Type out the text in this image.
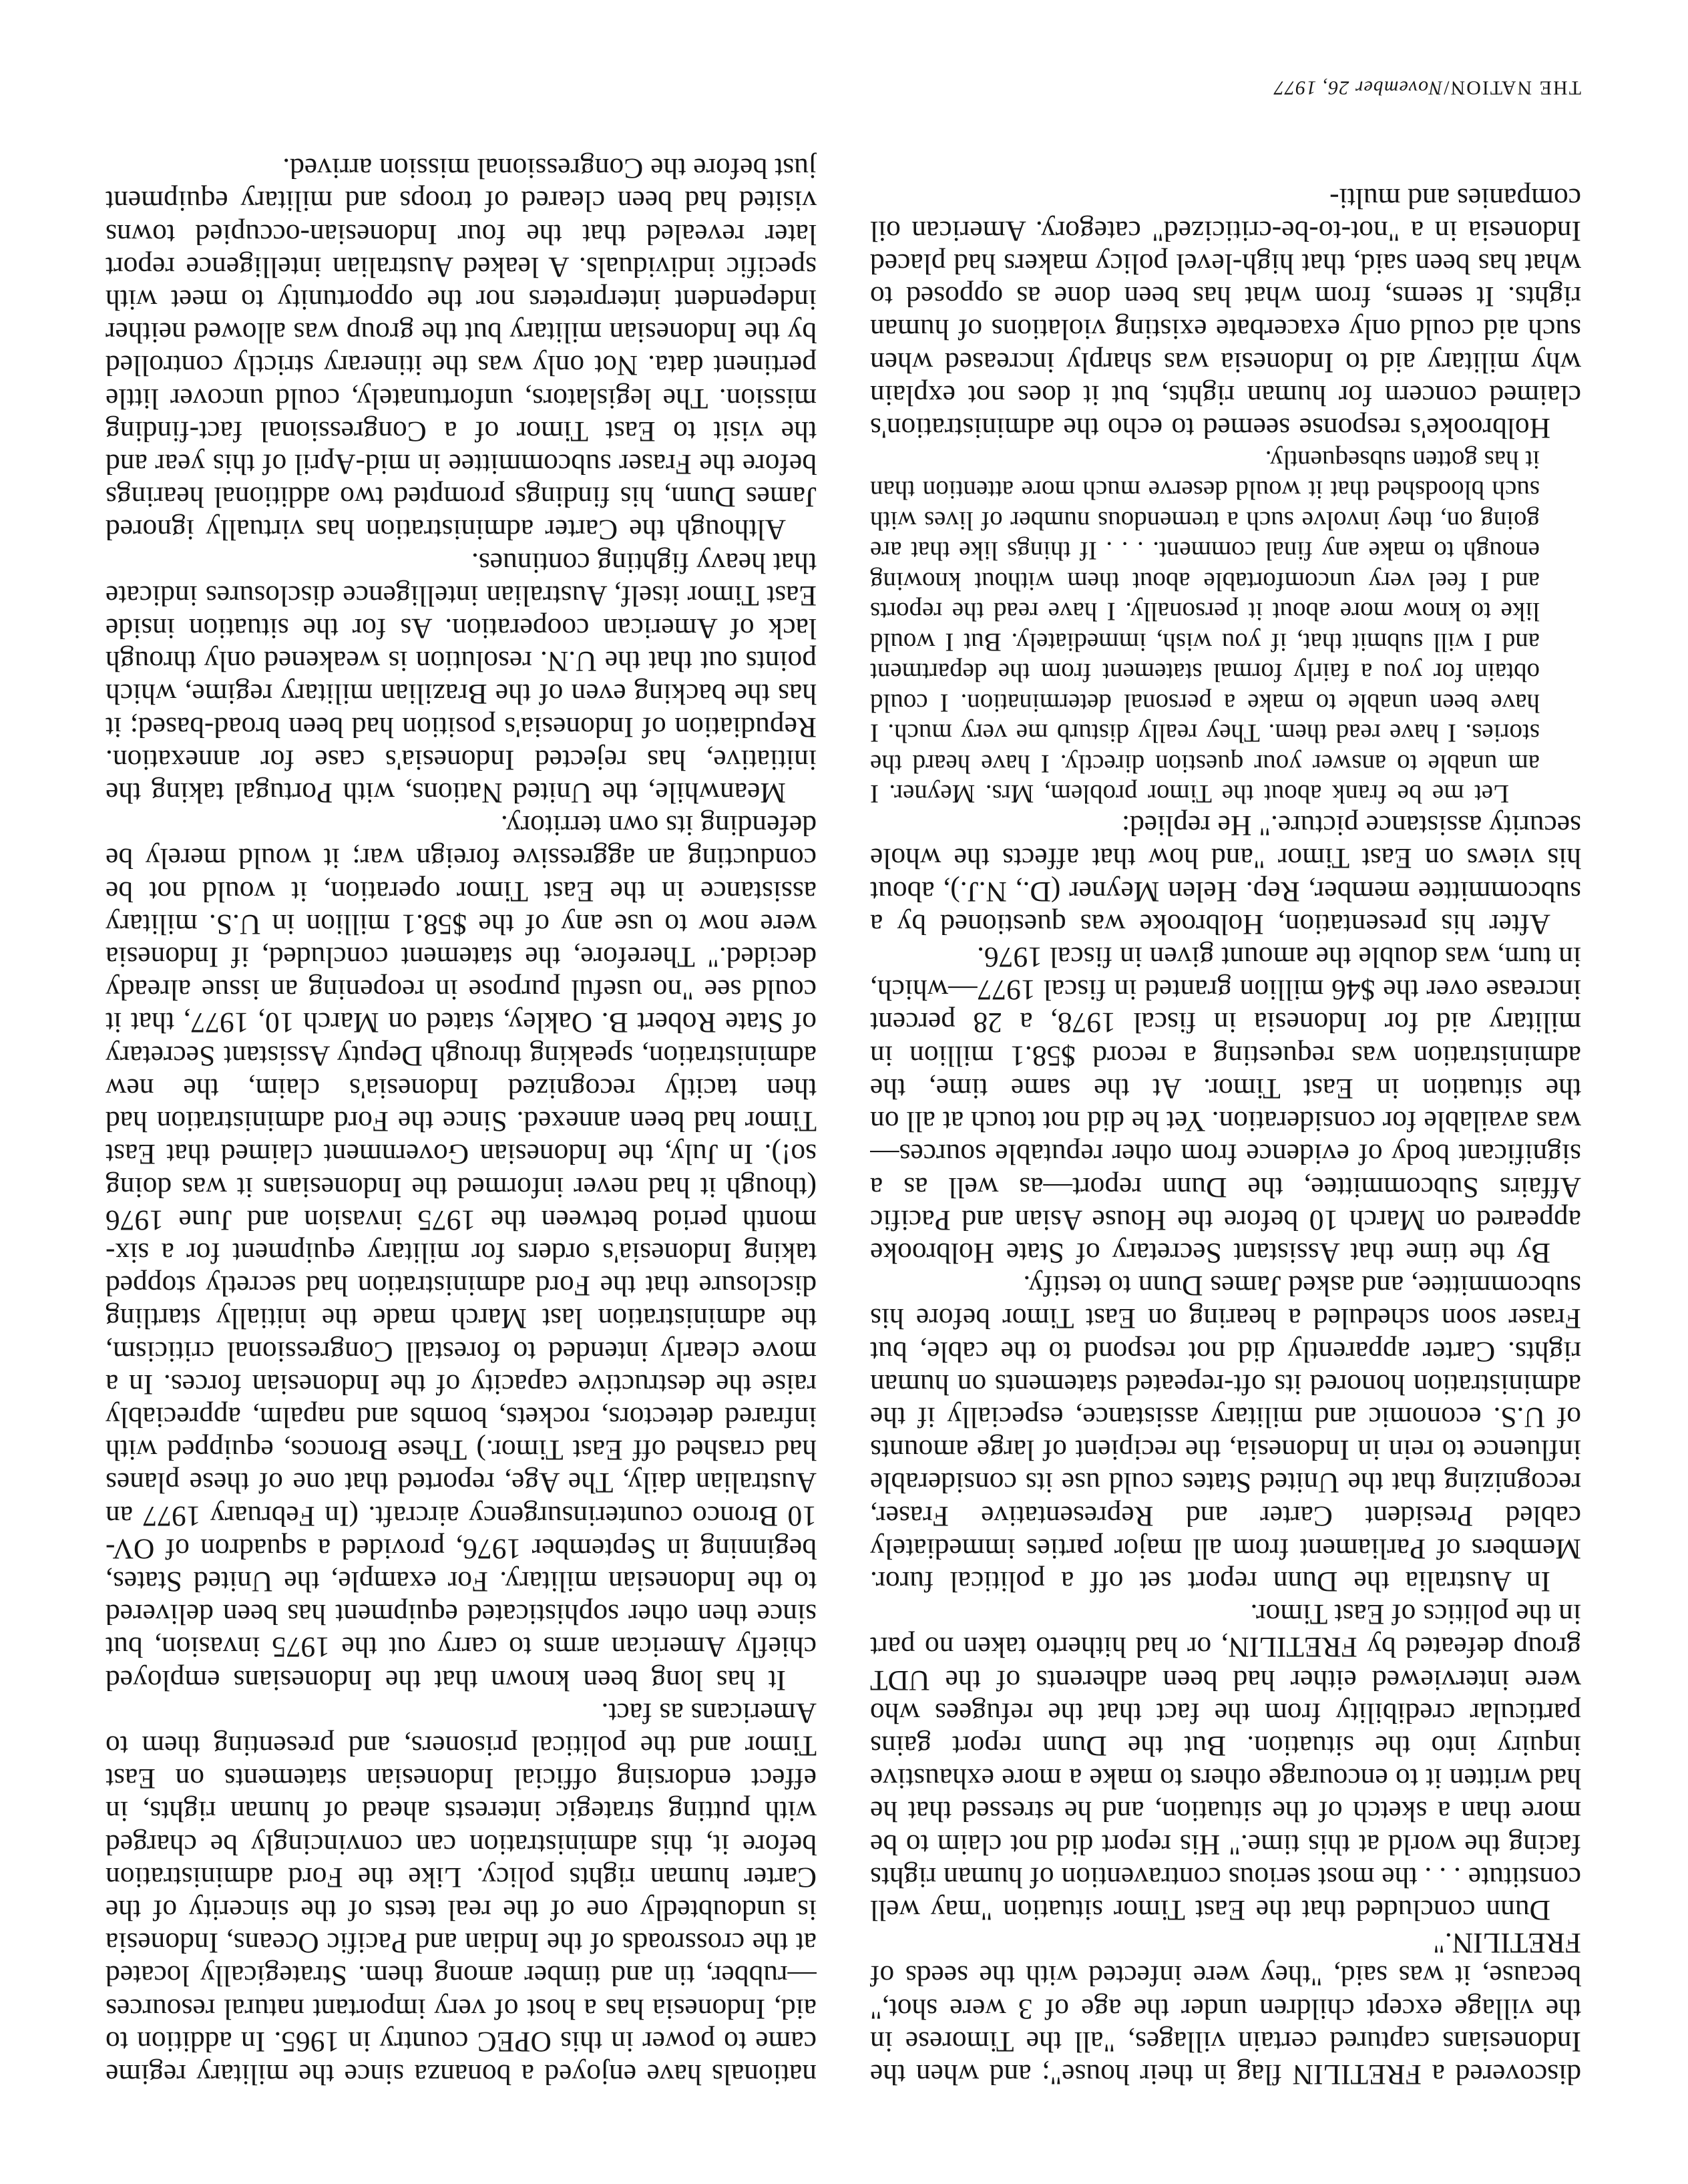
discovered a FRETILIN flag in their house"; and when the Indonesians captured certain villages, "all the Timorese in the village except children under the age of 3 were shot," because, it was said, "they were infected with the seeds of FRETILIN."

Dunn concluded that the East Timor situation "may well constitute . . . the most serious contravention of human rights facing the world at this time." His report did not claim to be more than a sketch of the situation, and he stressed that he had written it to encourage others to make a more exhaustive inquiry into the situation. But the Dunn report gains particular credibility from the fact that the refugees who were interviewed either had been adherents of the UDT group defeated by FRETILIN, or had hitherto taken no part in the politics of East Timor.

In Australia the Dunn report set off a political furor. Members of Parliament from all major parties immediately cabled President Carter and Representative Fraser, recognizing that the United States could use its considerable influence to rein in Indonesia, the recipient of large amounts of U.S. economic and military assistance, especially if the administration honored its oft-repeated statements on human rights. Carter apparently did not respond to the cable, but Fraser soon scheduled a hearing on East Timor before his subcommittee, and asked James Dunn to testify.

By the time that Assistant Secretary of State Holbrooke appeared on March 10 before the House Asian and Pacific Affairs Subcommittee, the Dunn report—as well as a significant body of evidence from other reputable sources—was available for consideration. Yet he did not touch at all on the situation in East Timor. At the same time, the administration was requesting a record $58.1 million in military aid for Indonesia in fiscal 1978, a 28 percent increase over the $46 million granted in fiscal 1977—which, in turn, was double the amount given in fiscal 1976.

After his presentation, Holbrooke was questioned by a subcommittee member, Rep. Helen Meyner (D., N.J.), about his views on East Timor "and how that affects the whole security assistance picture." He replied:

Let me be frank about the Timor problem, Mrs. Meyner. I am unable to answer your question directly. I have heard the stories. I have read them. They really disturb me very much. I have been unable to make a personal determination. I could obtain for you a fairly formal statement from the department and I will submit that, if you wish, immediately. But I would like to know more about it personally. I have read the reports and I feel very uncomfortable about them without knowing enough to make any final comment. . . . If things like that are going on, they involve such a tremendous number of lives with such bloodshed that it would deserve much more attention than it has gotten subsequently.

Holbrooke's response seemed to echo the administration's claimed concern for human rights, but it does not explain why military aid to Indonesia was sharply increased when such aid could only exacerbate existing violations of human rights. It seems, from what has been done as opposed to what has been said, that high-level policy makers had placed Indonesia in a "not-to-be-criticized" category. American oil companies and multi-

nationals have enjoyed a bonanza since the military regime came to power in this OPEC country in 1965. In addition to aid, Indonesia has a host of very important natural resources—rubber, tin and timber among them. Strategically located at the crossroads of the Indian and Pacific Oceans, Indonesia is undoubtedly one of the real tests of the sincerity of the Carter human rights policy. Like the Ford administration before it, this administration can convincingly be charged with putting strategic interests ahead of human rights, in effect endorsing official Indonesian statements on East Timor and the political prisoners, and presenting them to Americans as fact.

It has long been known that the Indonesians employed chiefly American arms to carry out the 1975 invasion, but since then other sophisticated equipment has been delivered to the Indonesian military. For example, the United States, beginning in September 1976, provided a squadron of OV-10 Bronco counterinsurgency aircraft. (In February 1977 an Australian daily, The Age, reported that one of these planes had crashed off East Timor.) These Broncos, equipped with infrared detectors, rockets, bombs and napalm, appreciably raise the destructive capacity of the Indonesian forces. In a move clearly intended to forestall Congressional criticism, the administration last March made the initially startling disclosure that the Ford administration had secretly stopped taking Indonesia's orders for military equipment for a six-month period between the 1975 invasion and June 1976 (though it had never informed the Indonesians it was doing so!). In July, the Indonesian Government claimed that East Timor had been annexed. Since the Ford administration had then tacitly recognized Indonesia's claim, the new administration, speaking through Deputy Assistant Secretary of State Robert B. Oakley, stated on March 10, 1977, that it could see "no useful purpose in reopening an issue already decided." Therefore, the statement concluded, if Indonesia were now to use any of the $58.1 million in U.S. military assistance in the East Timor operation, it would not be conducting an aggressive foreign war; it would merely be defending its own territory.

Meanwhile, the United Nations, with Portugal taking the initiative, has rejected Indonesia's case for annexation. Repudiation of Indonesia's position had been broad-based; it has the backing even of the Brazilian military regime, which points out that the U.N. resolution is weakened only through lack of American cooperation. As for the situation inside East Timor itself, Australian intelligence disclosures indicate that heavy fighting continues.

Although the Carter administration has virtually ignored James Dunn, his findings prompted two additional hearings before the Fraser subcommittee in mid-April of this year and the visit to East Timor of a Congressional fact-finding mission. The legislators, unfortunately, could uncover little pertinent data. Not only was the itinerary strictly controlled by the Indonesian military but the group was allowed neither independent interpreters nor the opportunity to meet with specific individuals. A leaked Australian intelligence report later revealed that the four Indonesian-occupied towns visited had been cleared of troops and military equipment just before the Congressional mission arrived.

THE NATION/November 26, 1977
